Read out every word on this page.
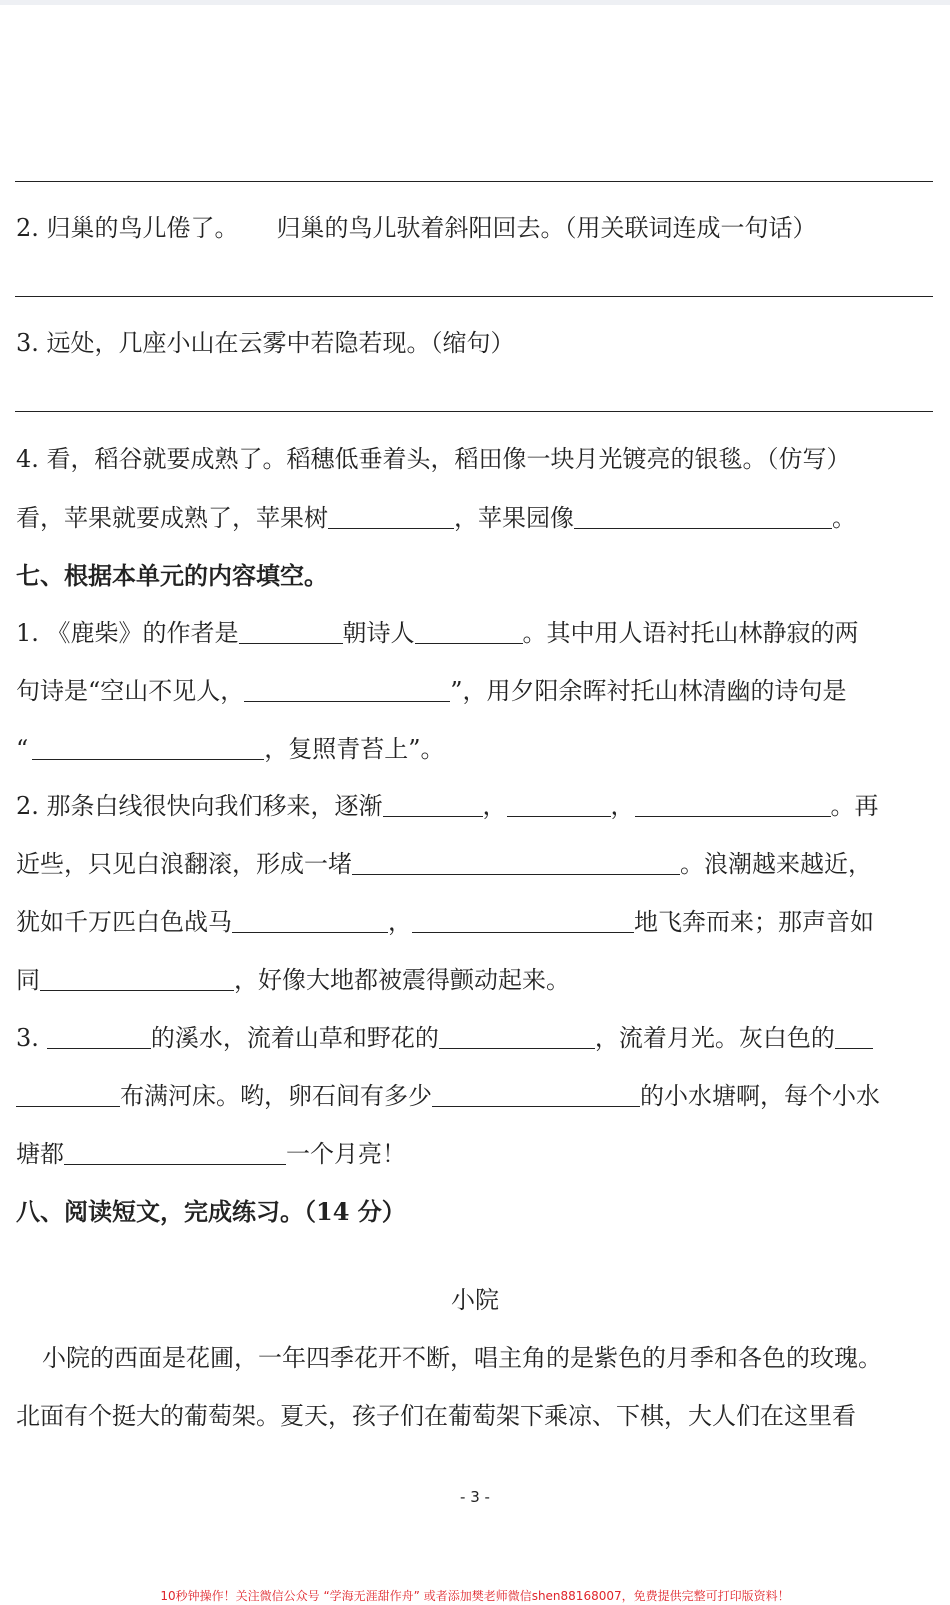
2. 归巢的鸟儿倦了。 归巢的鸟儿驮着斜阳回去。（用关联词连成一句话）
3. 远处，几座小山在云雾中若隐若现。（缩句）
4. 看，稻谷就要成熟了。稻穗低垂着头，稻田像一块月光镀亮的银毯。（仿写）
看，苹果就要成熟了，苹果树	，苹果园像	。
七、根据本单元的内容填空。
1. 《鹿柴》的作者是	朝诗人	。其中用人语衬托山林静寂的两
句诗是“空山不见人，	”，用夕阳余晖衬托山林清幽的诗句是
“	，复照青苔上”。
2. 那条白线很快向我们移来，逐渐	，	，	。再
近些，只见白浪翻滚，形成一堵	。浪潮越来越近，
犹如千万匹白色战马	，	地飞奔而来；那声音如
同	，好像大地都被震得颤动起来。
3.	的溪水，流着山草和野花的	，流着月光。灰白色的
布满河床。哟，卵石间有多少	的小水塘啊，每个小水
塘都	一个月亮！
八、阅读短文，完成练习。（14 分）
小院
小院的西面是花圃，一年四季花开不断，唱主角的是紫色的月季和各色的玫瑰。
北面有个挺大的葡萄架。夏天，孩子们在葡萄架下乘凉、下棋，大人们在这里看
- 3 -
10秒钟操作！关注微信公众号 “学海无涯甜作舟” 或者添加樊老师微信shen88168007，免费提供完整可打印版资料！
